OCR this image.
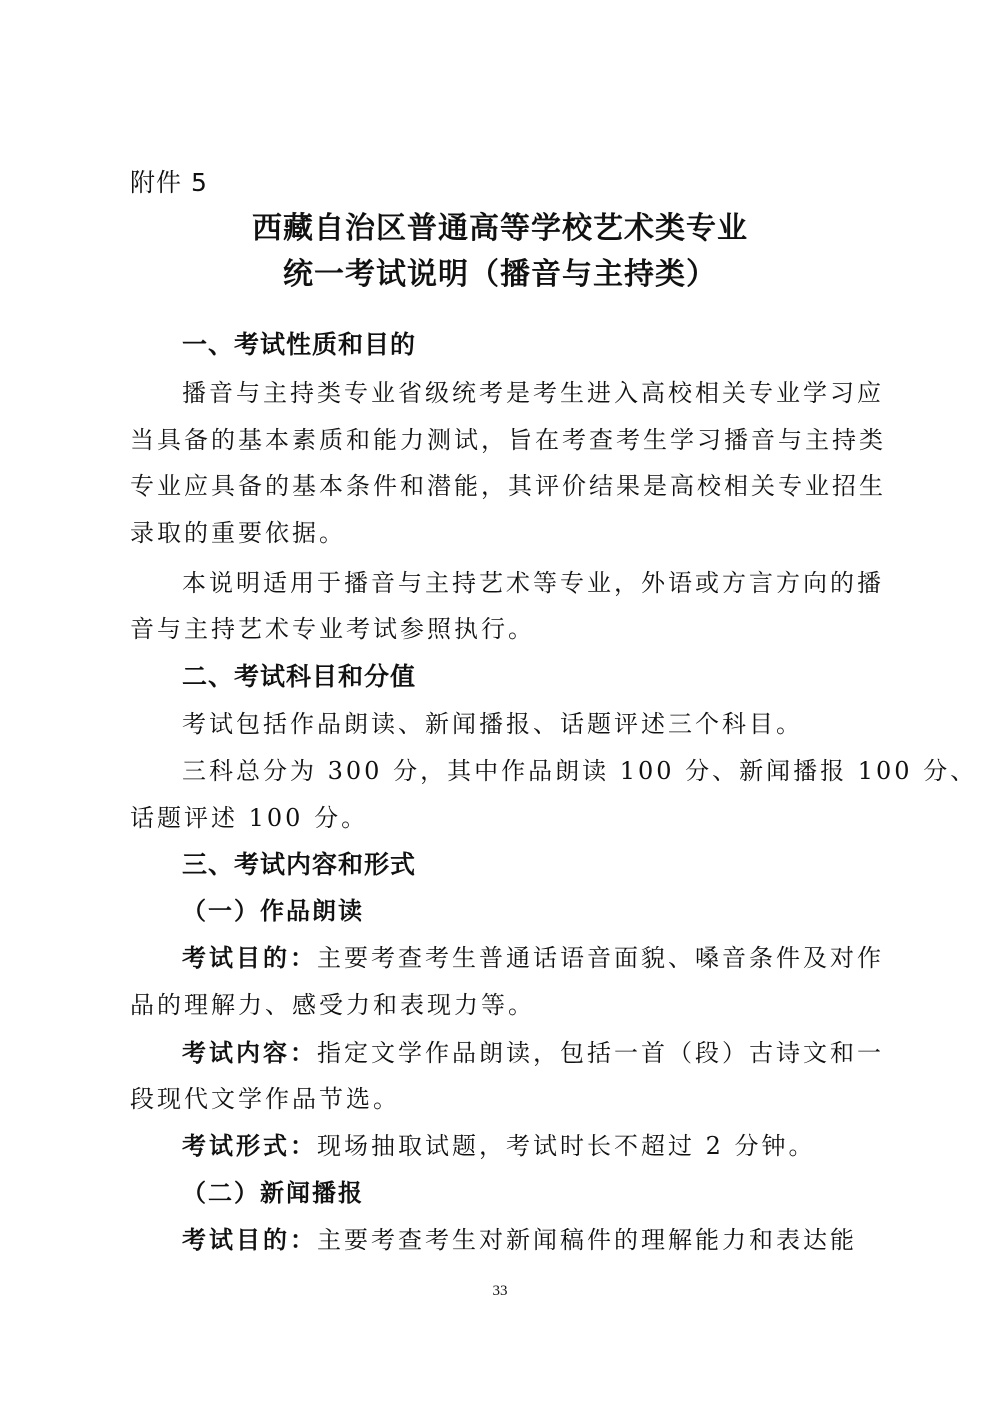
附件 5
西藏自治区普通高等学校艺术类专业
统一考试说明（播音与主持类）
一、考试性质和目的
播音与主持类专业省级统考是考生进入高校相关专业学习应
当具备的基本素质和能力测试，旨在考查考生学习播音与主持类
专业应具备的基本条件和潜能，其评价结果是高校相关专业招生
录取的重要依据。
本说明适用于播音与主持艺术等专业，外语或方言方向的播
音与主持艺术专业考试参照执行。
二、考试科目和分值
考试包括作品朗读、新闻播报、话题评述三个科目。
三科总分为 300 分，其中作品朗读 100 分、新闻播报 100 分、
话题评述 100 分。
三、考试内容和形式
（一）作品朗读
考试目的：主要考查考生普通话语音面貌、嗓音条件及对作
品的理解力、感受力和表现力等。
考试内容：指定文学作品朗读，包括一首（段）古诗文和一
段现代文学作品节选。
考试形式：现场抽取试题，考试时长不超过 2 分钟。
（二）新闻播报
考试目的：主要考查考生对新闻稿件的理解能力和表达能
33
